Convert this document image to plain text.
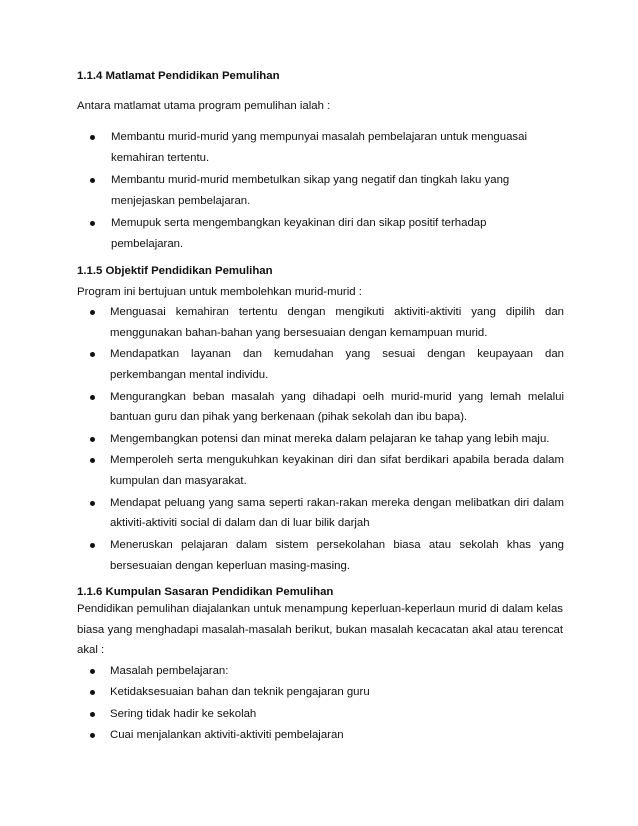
1.1.4 Matlamat Pendidikan Pemulihan

Antara matlamat utama program pemulihan ialah :

Membantu murid-murid yang mempunyai masalah pembelajaran untuk menguasai kemahiran tertentu.
Membantu murid-murid membetulkan sikap yang negatif dan tingkah laku yang menjejaskan pembelajaran.
Memupuk serta mengembangkan keyakinan diri dan sikap positif terhadap pembelajaran.
1.1.5 Objektif Pendidikan Pemulihan

Program ini bertujuan untuk membolehkan murid-murid :

Menguasai kemahiran tertentu dengan mengikuti aktiviti-aktiviti yang dipilih dan menggunakan bahan-bahan yang bersesuaian dengan kemampuan murid.
Mendapatkan layanan dan kemudahan yang sesuai dengan keupayaan dan perkembangan mental individu.
Mengurangkan beban masalah yang dihadapi oelh murid-murid yang lemah melalui bantuan guru dan pihak yang berkenaan (pihak sekolah dan ibu bapa).
Mengembangkan potensi dan minat mereka dalam pelajaran ke tahap yang lebih maju.
Memperoleh serta mengukuhkan keyakinan diri dan sifat berdikari apabila berada dalam kumpulan dan masyarakat.
Mendapat peluang yang sama seperti rakan-rakan mereka dengan melibatkan diri dalam aktiviti-aktiviti social di dalam dan di luar bilik darjah
Meneruskan pelajaran dalam sistem persekolahan biasa atau sekolah khas yang bersesuaian dengan keperluan masing-masing.
1.1.6 Kumpulan Sasaran Pendidikan Pemulihan

Pendidikan pemulihan diajalankan untuk menampung keperluan-keperlaun murid di dalam kelas biasa yang menghadapi masalah-masalah berikut, bukan masalah kecacatan akal atau terencat akal :

Masalah pembelajaran:
Ketidaksesuaian bahan dan teknik pengajaran guru
Sering tidak hadir ke sekolah
Cuai menjalankan aktiviti-aktiviti pembelajaran
